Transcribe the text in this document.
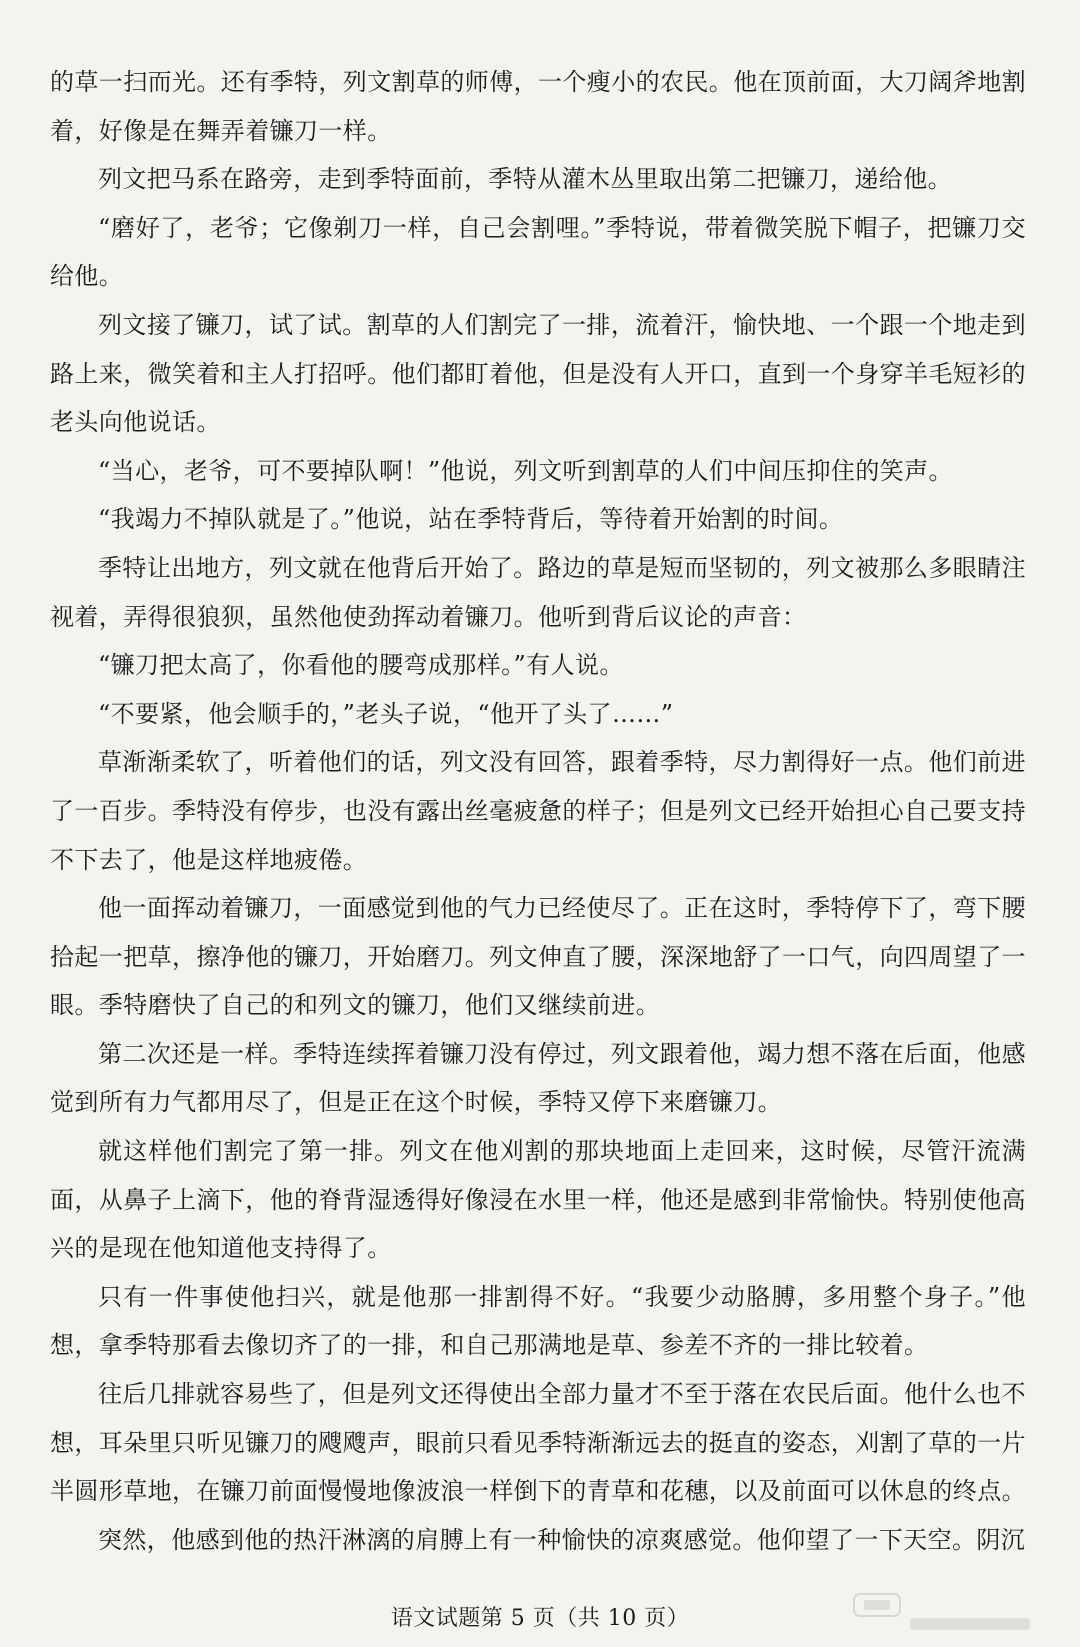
的草一扫而光。还有季特，列文割草的师傅，一个瘦小的农民。他在顶前面，大刀阔斧地割着，好像是在舞弄着镰刀一样。

列文把马系在路旁，走到季特面前，季特从灌木丛里取出第二把镰刀，递给他。

“磨好了，老爷；它像剃刀一样，自己会割哩。”季特说，带着微笑脱下帽子，把镰刀交给他。

列文接了镰刀，试了试。割草的人们割完了一排，流着汗，愉快地、一个跟一个地走到路上来，微笑着和主人打招呼。他们都盯着他，但是没有人开口，直到一个身穿羊毛短衫的老头向他说话。

“当心，老爷，可不要掉队啊！”他说，列文听到割草的人们中间压抑住的笑声。

“我竭力不掉队就是了。”他说，站在季特背后，等待着开始割的时间。

季特让出地方，列文就在他背后开始了。路边的草是短而坚韧的，列文被那么多眼睛注视着，弄得很狼狈，虽然他使劲挥动着镰刀。他听到背后议论的声音：

“镰刀把太高了，你看他的腰弯成那样。”有人说。

“不要紧，他会顺手的，”老头子说，“他开了头了……”

草渐渐柔软了，听着他们的话，列文没有回答，跟着季特，尽力割得好一点。他们前进了一百步。季特没有停步，也没有露出丝毫疲惫的样子；但是列文已经开始担心自己要支持不下去了，他是这样地疲倦。

他一面挥动着镰刀，一面感觉到他的气力已经使尽了。正在这时，季特停下了，弯下腰拾起一把草，擦净他的镰刀，开始磨刀。列文伸直了腰，深深地舒了一口气，向四周望了一眼。季特磨快了自己的和列文的镰刀，他们又继续前进。

第二次还是一样。季特连续挥着镰刀没有停过，列文跟着他，竭力想不落在后面，他感觉到所有力气都用尽了，但是正在这个时候，季特又停下来磨镰刀。

就这样他们割完了第一排。列文在他刈割的那块地面上走回来，这时候，尽管汗流满面，从鼻子上滴下，他的脊背湿透得好像浸在水里一样，他还是感到非常愉快。特别使他高兴的是现在他知道他支持得了。

只有一件事使他扫兴，就是他那一排割得不好。“我要少动胳膊，多用整个身子。”他想，拿季特那看去像切齐了的一排，和自己那满地是草、参差不齐的一排比较着。

往后几排就容易些了，但是列文还得使出全部力量才不至于落在农民后面。他什么也不想，耳朵里只听见镰刀的飕飕声，眼前只看见季特渐渐远去的挺直的姿态，刈割了草的一片半圆形草地，在镰刀前面慢慢地像波浪一样倒下的青草和花穗，以及前面可以休息的终点。

突然，他感到他的热汗淋漓的肩膊上有一种愉快的凉爽感觉。他仰望了一下天空。阴沉

语文试题第 5 页（共 10 页）
